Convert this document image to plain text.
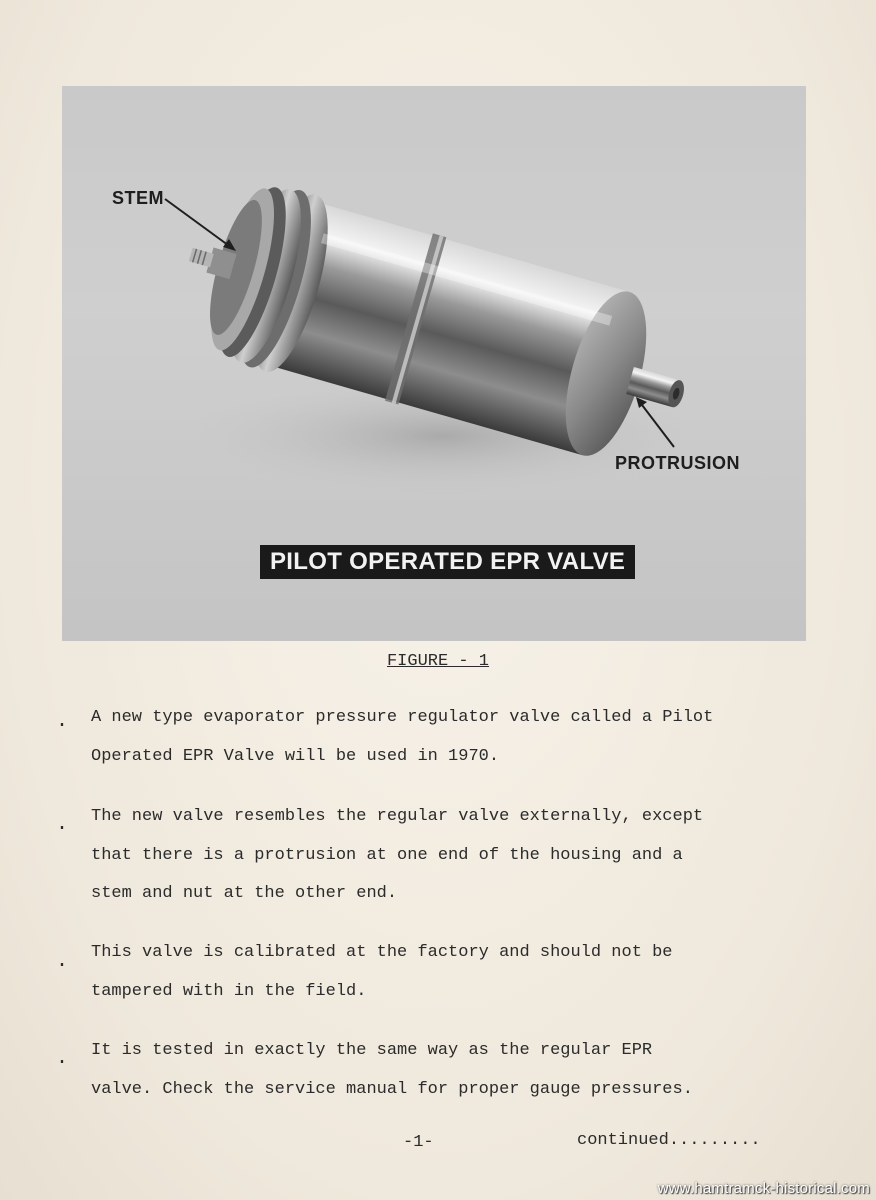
STEM
PROTRUSION
PILOT OPERATED EPR VALVE
FIGURE - 1
. A new type evaporator pressure regulator valve called a Pilot
Operated EPR Valve will be used in 1970.
. The new valve resembles the regular valve externally, except
that there is a protrusion at one end of the housing and a
stem and nut at the other end.
. This valve is calibrated at the factory and should not be
tampered with in the field.
. It is tested in exactly the same way as the regular EPR
valve. Check the service manual for proper gauge pressures.
-1-	continued.........
www.hamtramck-historical.com
